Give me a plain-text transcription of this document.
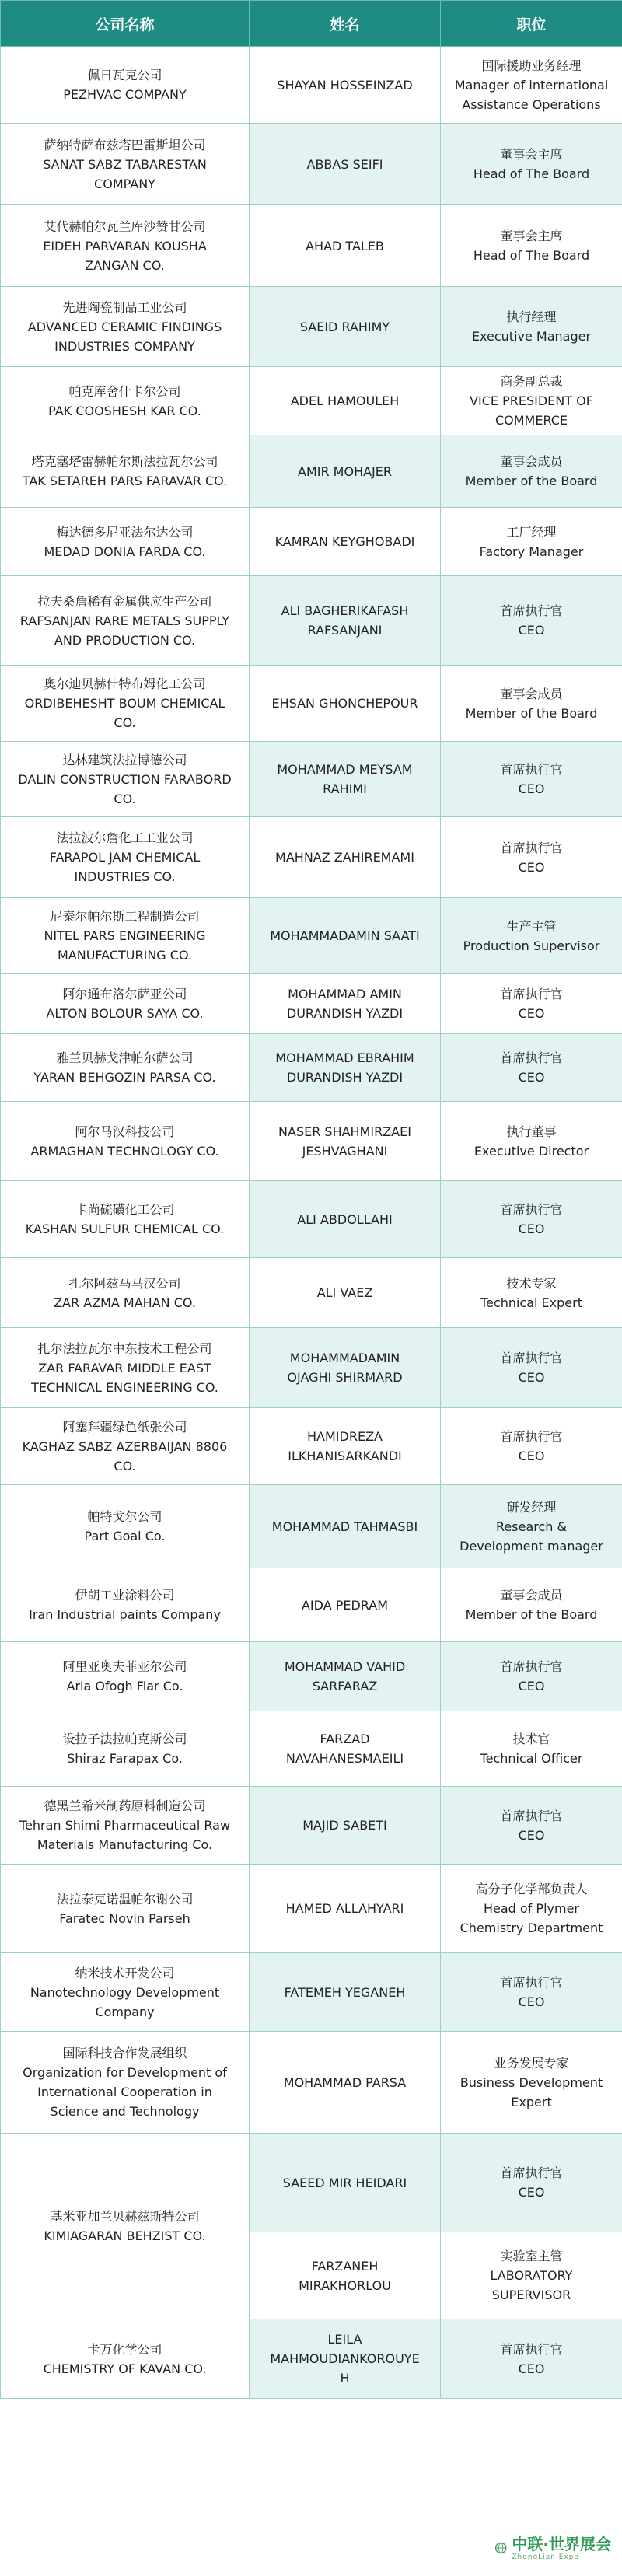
公司名称	姓名	职位

佩日瓦克公司
PEZHVAC COMPANY	SHAYAN HOSSEINZAD	国际援助业务经理
Manager of international
Assistance Operations

萨纳特萨布兹塔巴雷斯坦公司
SANAT SABZ TABARESTAN
COMPANY	ABBAS SEIFI	董事会主席
Head of The Board

艾代赫帕尔瓦兰库沙赞甘公司
EIDEH PARVARAN KOUSHA
ZANGAN CO.	AHAD TALEB	董事会主席
Head of The Board

先进陶瓷制品工业公司
ADVANCED CERAMIC FINDINGS
INDUSTRIES COMPANY	SAEID RAHIMY	执行经理
Executive Manager

帕克库舍什卡尔公司
PAK COOSHESH KAR CO.	ADEL HAMOULEH	商务副总裁
VICE PRESIDENT OF
COMMERCE

塔克塞塔雷赫帕尔斯法拉瓦尔公司
TAK SETAREH PARS FARAVAR CO.	AMIR MOHAJER	董事会成员
Member of the Board

梅达德多尼亚法尔达公司
MEDAD DONIA FARDA CO.	KAMRAN KEYGHOBADI	工厂经理
Factory Manager

拉夫桑詹稀有金属供应生产公司
RAFSANJAN RARE METALS SUPPLY
AND PRODUCTION CO.	ALI BAGHERIKAFASH
RAFSANJANI	首席执行官
CEO

奥尔迪贝赫什特布姆化工公司
ORDIBEHESHT BOUM CHEMICAL
CO.	EHSAN GHONCHEPOUR	董事会成员
Member of the Board

达林建筑法拉博德公司
DALIN CONSTRUCTION FARABORD
CO.	MOHAMMAD MEYSAM
RAHIMI	首席执行官
CEO

法拉波尔詹化工工业公司
FARAPOL JAM CHEMICAL
INDUSTRIES CO.	MAHNAZ ZAHIREMAMI	首席执行官
CEO

尼泰尔帕尔斯工程制造公司
NITEL PARS ENGINEERING
MANUFACTURING CO.	MOHAMMADAMIN SAATI	生产主管
Production Supervisor

阿尔通布洛尔萨亚公司
ALTON BOLOUR SAYA CO.	MOHAMMAD AMIN
DURANDISH YAZDI	首席执行官
CEO

雅兰贝赫戈津帕尔萨公司
YARAN BEHGOZIN PARSA CO.	MOHAMMAD EBRAHIM
DURANDISH YAZDI	首席执行官
CEO

阿尔马汉科技公司
ARMAGHAN TECHNOLOGY CO.	NASER SHAHMIRZAEI
JESHVAGHANI	执行董事
Executive Director

卡尚硫磺化工公司
KASHAN SULFUR CHEMICAL CO.	ALI ABDOLLAHI	首席执行官
CEO

扎尔阿兹马马汉公司
ZAR AZMA MAHAN CO.	ALI VAEZ	技术专家
Technical Expert

扎尔法拉瓦尔中东技术工程公司
ZAR FARAVAR MIDDLE EAST
TECHNICAL ENGINEERING CO.	MOHAMMADAMIN
OJAGHI SHIRMARD	首席执行官
CEO

阿塞拜疆绿色纸张公司
KAGHAZ SABZ AZERBAIJAN 8806
CO.	HAMIDREZA
ILKHANISARKANDI	首席执行官
CEO

帕特戈尔公司
Part Goal Co.	MOHAMMAD TAHMASBI	研发经理
Research &
Development manager

伊朗工业涂料公司
Iran Industrial paints Company	AIDA PEDRAM	董事会成员
Member of the Board

阿里亚奥夫菲亚尔公司
Aria Ofogh Fiar Co.	MOHAMMAD VAHID
SARFARAZ	首席执行官
CEO

设拉子法拉帕克斯公司
Shiraz Farapax Co.	FARZAD
NAVAHANESMAEILI	技术官
Technical Officer

德黑兰希米制药原料制造公司
Tehran Shimi Pharmaceutical Raw
Materials Manufacturing Co.	MAJID SABETI	首席执行官
CEO

法拉泰克诺温帕尔谢公司
Faratec Novin Parseh	HAMED ALLAHYARI	高分子化学部负责人
Head of Plymer
Chemistry Department

纳米技术开发公司
Nanotechnology Development
Company	FATEMEH YEGANEH	首席执行官
CEO

国际科技合作发展组织
Organization for Development of
International Cooperation in
Science and Technology	MOHAMMAD PARSA	业务发展专家
Business Development
Expert

基米亚加兰贝赫兹斯特公司
KIMIAGARAN BEHZIST CO.	SAEED MIR HEIDARI	首席执行官
CEO

	FARZANEH
MIRAKHORLOU	实验室主管
LABORATORY
SUPERVISOR

卡万化学公司
CHEMISTRY OF KAVAN CO.	LEILA
MAHMOUDIANKOROUYE
H	首席执行官
CEO
中联·世界展会
ZhongLian Expo
